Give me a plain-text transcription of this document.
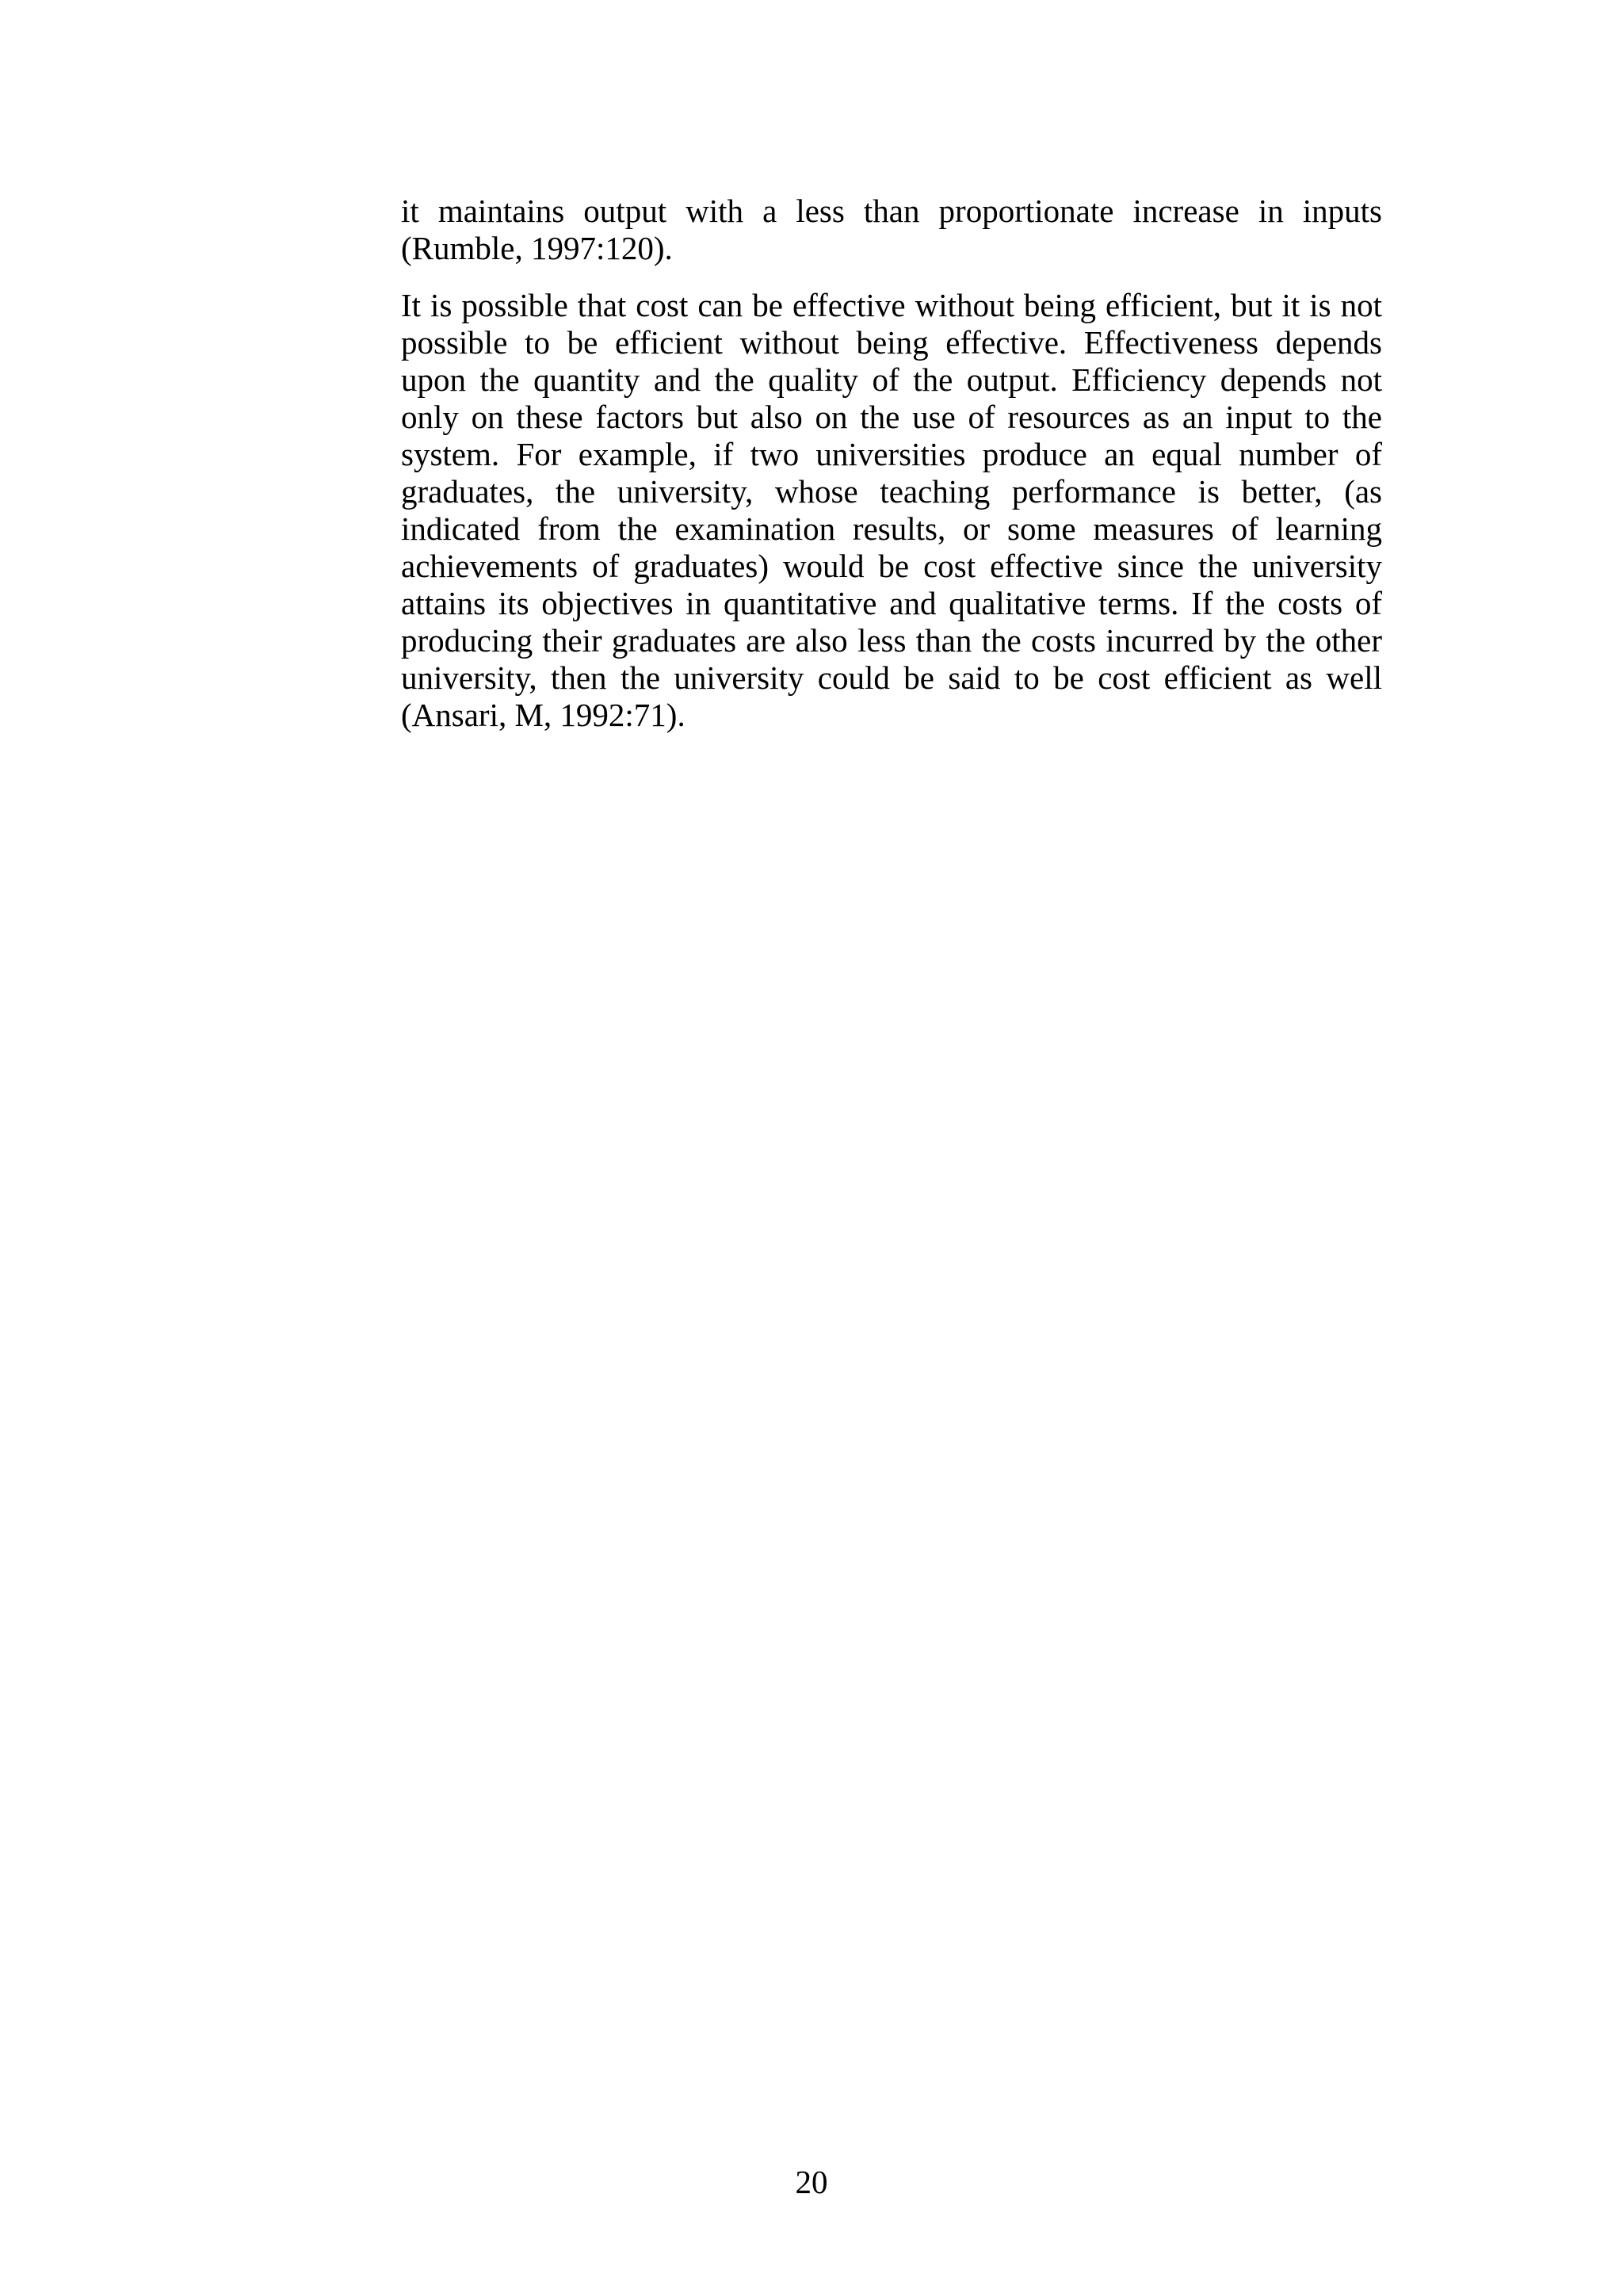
it maintains output with a less than proportionate increase in inputs (Rumble, 1997:120).

It is possible that cost can be effective without being efficient, but it is not possible to be efficient without being effective. Effectiveness depends upon the quantity and the quality of the output. Efficiency depends not only on these factors but also on the use of resources as an input to the system. For example, if two universities produce an equal number of graduates, the university, whose teaching performance is better, (as indicated from the examination results, or some measures of learning achievements of graduates) would be cost effective since the university attains its objectives in quantitative and qualitative terms. If the costs of producing their graduates are also less than the costs incurred by the other university, then the university could be said to be cost efficient as well (Ansari, M, 1992:71).

20
